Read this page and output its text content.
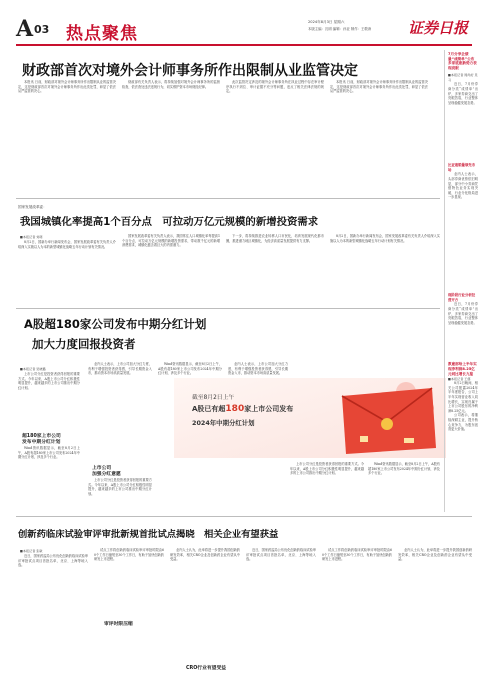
A 03 热点聚焦
2024年8月3日 星期六
本版主编：沈明 编辑：孙亚 制作：王敬涛 证券日报
财政部首次对境外会计师事务所作出限制从业监管决定

本报讯 日前，财政部对境外会计师事务所作出限制从业的监管决定，这是财政部首次对境外会计师事务所作出此类处罚，彰显了依法从严监管的决心。

财政部有关负责人表示，将持续加强对境外会计师事务所的监督检查，依法查处违法违规行为，切实维护资本市场财经纪律。

此次监管决定涉及的境外会计师事务所在执业过程中存在审计程序执行不到位、审计证据不充分等问题，违反了相关法律法规的规定。

本报讯 日前，财政部对境外会计师事务所作出限制从业的监管决定，这是财政部首次对境外会计师事务所作出此类处罚，彰显了依法从严监管的决心。

国家发展改革委：
我国城镇化率提高1个百分点　可拉动万亿元规模的新增投资需求
■本报记者 刘萌

8月2日，国新办举行新闻发布会，国家发展改革委有关负责人介绍深入实施以人为本的新型城镇化战略五年行动计划有关情况。

国家发展改革委有关负责人表示，我国常住人口城镇化率每提高1个百分点，可拉动万亿元规模的新增投资需求，带动数千亿元的新增消费需求，城镇化蕴含着巨大的内需潜力。

下一步，将持续推进农业转移人口市民化，培育发展现代化都市圈，推进潜力地区城镇化，为经济高质量发展提供有力支撑。

8月2日，国新办举行新闻发布会，国家发展改革委有关负责人介绍深入实施以人为本的新型城镇化战略五年行动计划有关情况。

A股超180家公司发布中期分红计划
加大力度回报投资者
■本报记者 吴晓璐

上市公司分红是投资者获得回报的重要方式。今年以来，A股上市公司分红积极性明显提升，越来越多的上市公司推出中期分红计划。

超180家上市公司
发布中期分红计划

Wind资讯数据显示，截至8月2日上午，A股有超180家上市公司发布2024年中期分红计划，涉及多个行业。

业内人士表示，上市公司加大分红力度，有利于增强投资者获得感，引导长期资金入市，推动资本市场高质量发展。

上市公司
加强分红意愿

上市公司分红是投资者获得回报的重要方式。今年以来，A股上市公司分红积极性明显提升，越来越多的上市公司推出中期分红计划。

Wind资讯数据显示，截至8月2日上午，A股有超180家上市公司发布2024年中期分红计划，涉及多个行业。

业内人士表示，上市公司加大分红力度，有利于增强投资者获得感，引导长期资金入市，推动资本市场高质量发展。

上市公司分红是投资者获得回报的重要方式。今年以来，A股上市公司分红积极性明显提升，越来越多的上市公司推出中期分红计划。

Wind资讯数据显示，截至8月2日上午，A股有超180家上市公司发布2024年中期分红计划，涉及多个行业。

截至8月2日上午
A股已有超180家上市公司发布
2024年中期分红计划
创新药临床试验审评审批新规首批试点揭晓　相关企业有望获益
■本报记者 张敏

近日，国家药监局公布优化创新药临床试验审评审批试点项目首批名单，北京、上海等地入选。

试点工作将创新药临床试验审评审批时限由60个工作日缩短至30个工作日，有助于加快创新药研发上市进程。

审评时限压缩

业内人士认为，此举将进一步提升我国创新药研发效率，相关CRO企业及创新药企业有望从中受益。

CRO行业有望受益

近日，国家药监局公布优化创新药临床试验审评审批试点项目首批名单，北京、上海等地入选。

试点工作将创新药临床试验审评审批时限由60个工作日缩短至30个工作日，有助于加快创新药研发上市进程。

业内人士认为，此举将进一步提升我国创新药研发效率，相关CRO企业及创新药企业有望从中受益。

7月分享企债量“成绩单”公布　多家底座新势力表现亮眼
■本报记者 周尚好 见 习

近日，7月份券商分类“成绩单”出炉，多家券商交出了亮眼答卷，行业整体呈现稳健发展态势。

比亚迪销量领先市场

业内人士表示，头部券商优势依旧明显，部分中小券商凭借特色业务实现突破，行业分化格局进一步显现。

现阶段行业分析经营开方

近日，7月份券商分类“成绩单”出炉，多家券商交出了亮眼答卷，行业整体呈现稳健发展态势。

教雇部给上半年实现净利润8.25亿元同比增长九鉴
■本报记者 王僖

8月2日晚间，相关公司披露2024年半年度报告，公司上半年实现营业收入同比增长，实现归属于上市公司股东的净利润8.25亿元。

公司表示，将继续深耕主业，提升核心竞争力，为股东创造更大价值。
